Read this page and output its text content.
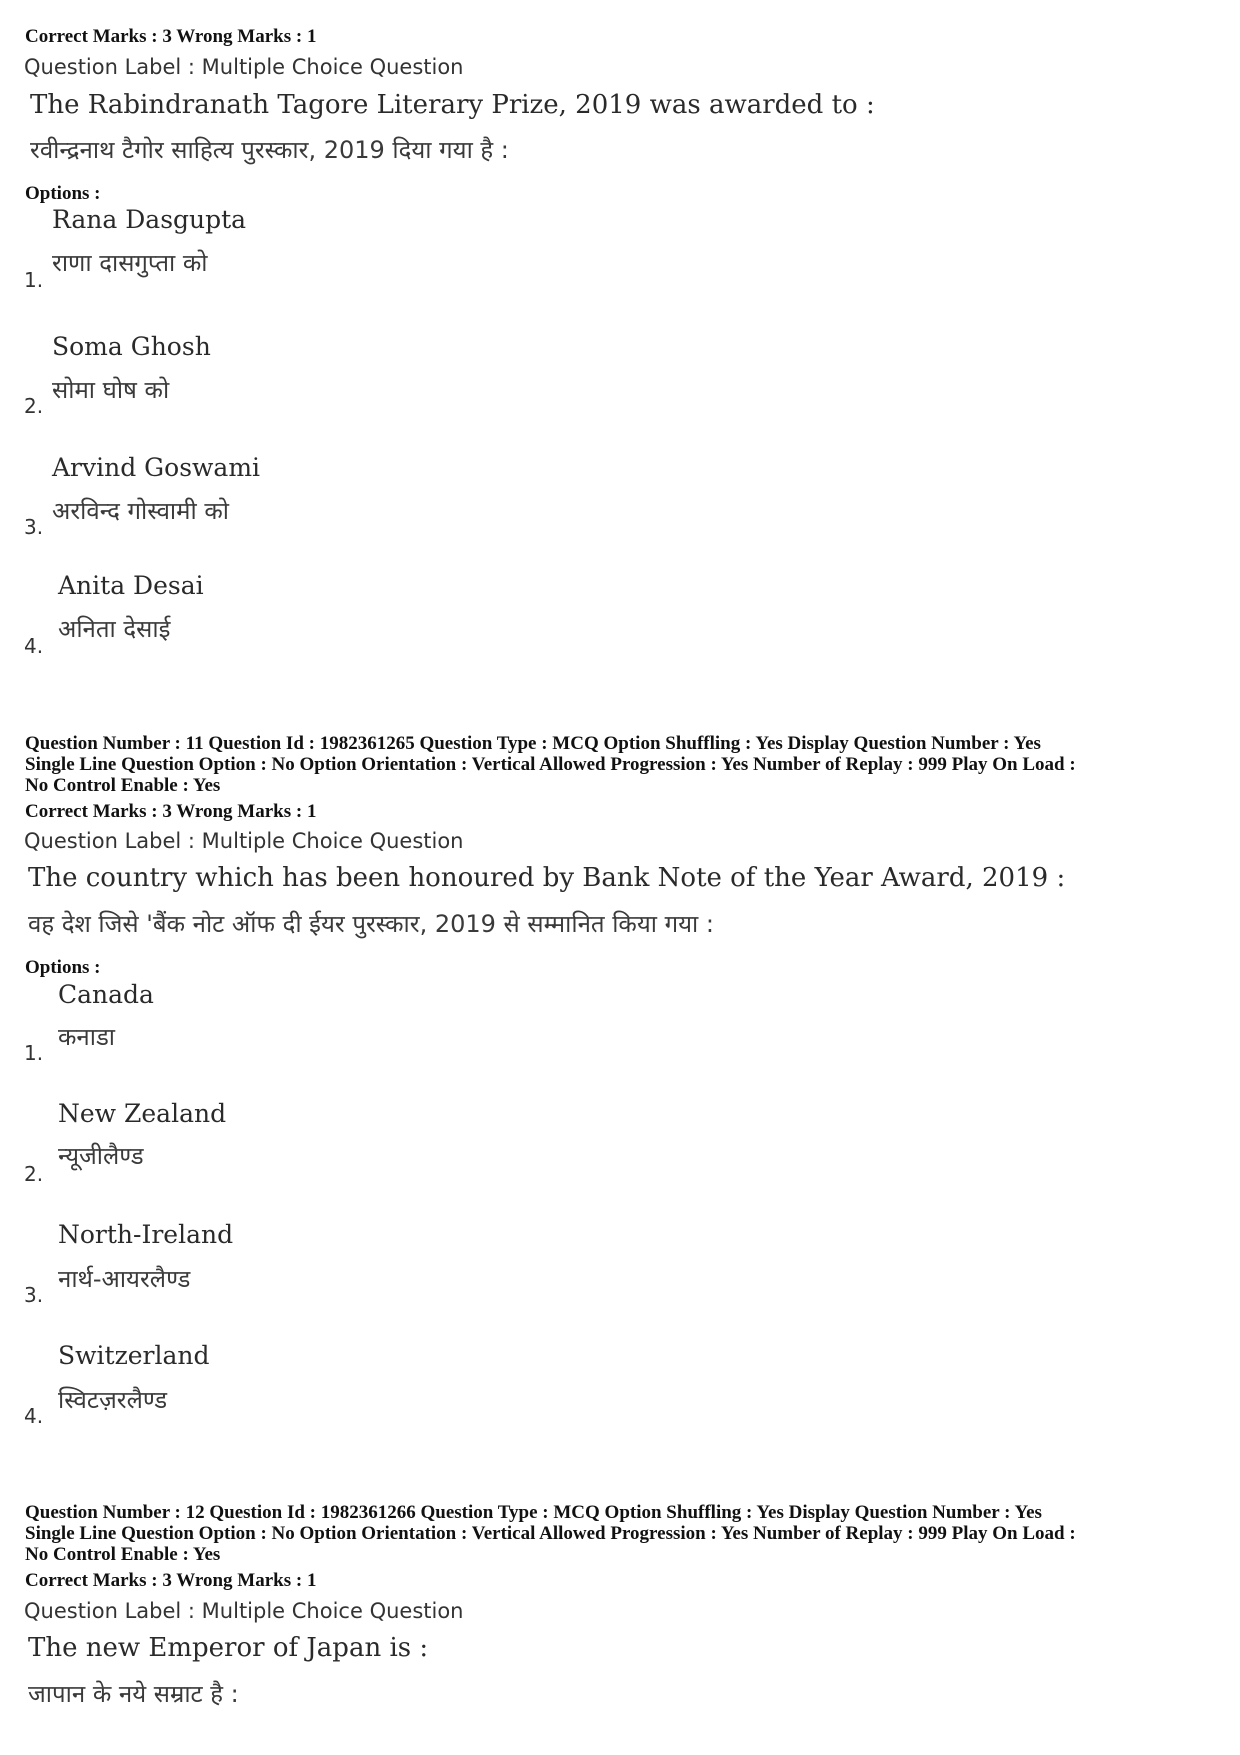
Correct Marks : 3 Wrong Marks : 1
Question Label : Multiple Choice Question
The Rabindranath Tagore Literary Prize, 2019 was awarded to :
रवीन्द्रनाथ टैगोर साहित्य पुरस्कार, 2019 दिया गया है :
Options :
Rana Dasgupta
राणा दासगुप्ता को
1.
Soma Ghosh
सोमा घोष को
2.
Arvind Goswami
अरविन्द गोस्वामी को
3.
Anita Desai
अनिता देसाई
4.
Question Number : 11 Question Id : 1982361265 Question Type : MCQ Option Shuffling : Yes Display Question Number : Yes
Single Line Question Option : No Option Orientation : Vertical Allowed Progression : Yes Number of Replay : 999 Play On Load :
No Control Enable : Yes
Correct Marks : 3 Wrong Marks : 1
Question Label : Multiple Choice Question
The country which has been honoured by Bank Note of the Year Award, 2019 :
वह देश जिसे 'बैंक नोट ऑफ दी ईयर पुरस्कार, 2019 से सम्मानित किया गया :
Options :
Canada
कनाडा
1.
New Zealand
न्यूजीलैण्ड
2.
North-Ireland
नार्थ-आयरलैण्ड
3.
Switzerland
स्विटज़रलैण्ड
4.
Question Number : 12 Question Id : 1982361266 Question Type : MCQ Option Shuffling : Yes Display Question Number : Yes
Single Line Question Option : No Option Orientation : Vertical Allowed Progression : Yes Number of Replay : 999 Play On Load :
No Control Enable : Yes
Correct Marks : 3 Wrong Marks : 1
Question Label : Multiple Choice Question
The new Emperor of Japan is :
जापान के नये सम्राट है :
